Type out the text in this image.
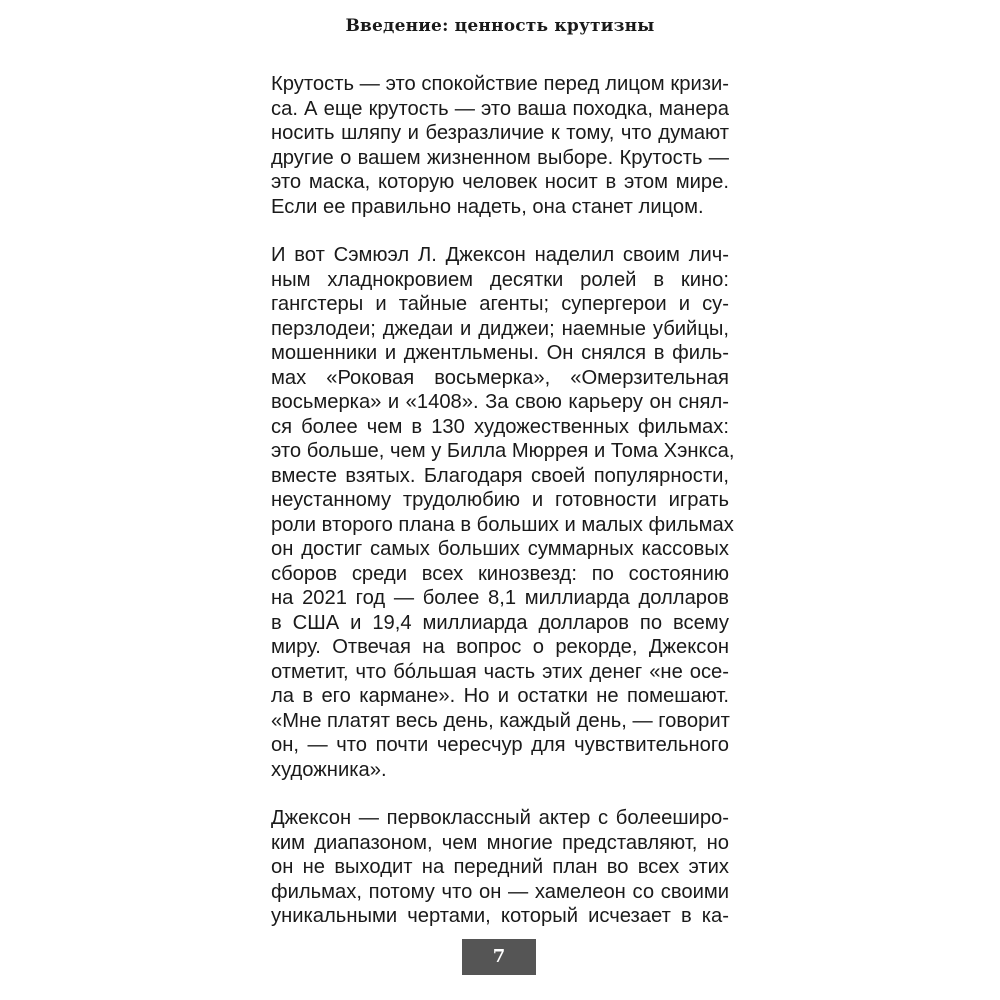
Введение: ценность крутизны
Крутость — это спокойствие перед лицом кризи-
са. А еще крутость — это ваша походка, манера
носить шляпу и безразличие к тому, что думают
другие о вашем жизненном выборе. Крутость —
это маска, которую человек носит в этом мире.
Если ее правильно надеть, она станет лицом.
И вот Сэмюэл Л. Джексон наделил своим лич-
ным хладнокровием десятки ролей в кино:
гангстеры и тайные агенты; супергерои и су-
перзлодеи; джедаи и диджеи; наемные убийцы,
мошенники и джентльмены. Он снялся в филь-
мах «Роковая восьмерка», «Омерзительная
восьмерка» и «1408». За свою карьеру он снял-
ся более чем в 130 художественных фильмах:
это больше, чем у Билла Мюррея и Тома Хэнкса,
вместе взятых. Благодаря своей популярности,
неустанному трудолюбию и готовности играть
роли второго плана в больших и малых фильмах
он достиг самых больших суммарных кассовых
сборов среди всех кинозвезд: по состоянию
на 2021 год — более 8,1 миллиарда долларов
в США и 19,4 миллиарда долларов по всему
миру. Отвечая на вопрос о рекорде, Джексон
отметит, что бóльшая часть этих денег «не осе-
ла в его кармане». Но и остатки не помешают.
«Мне платят весь день, каждый день, — говорит
он, — что почти чересчур для чувствительного
художника».
Джексон — первоклассный актер с болееширо-
ким диапазоном, чем многие представляют, но
он не выходит на передний план во всех этих
фильмах, потому что он — хамелеон со своими
уникальными чертами, который исчезает в ка-
7
